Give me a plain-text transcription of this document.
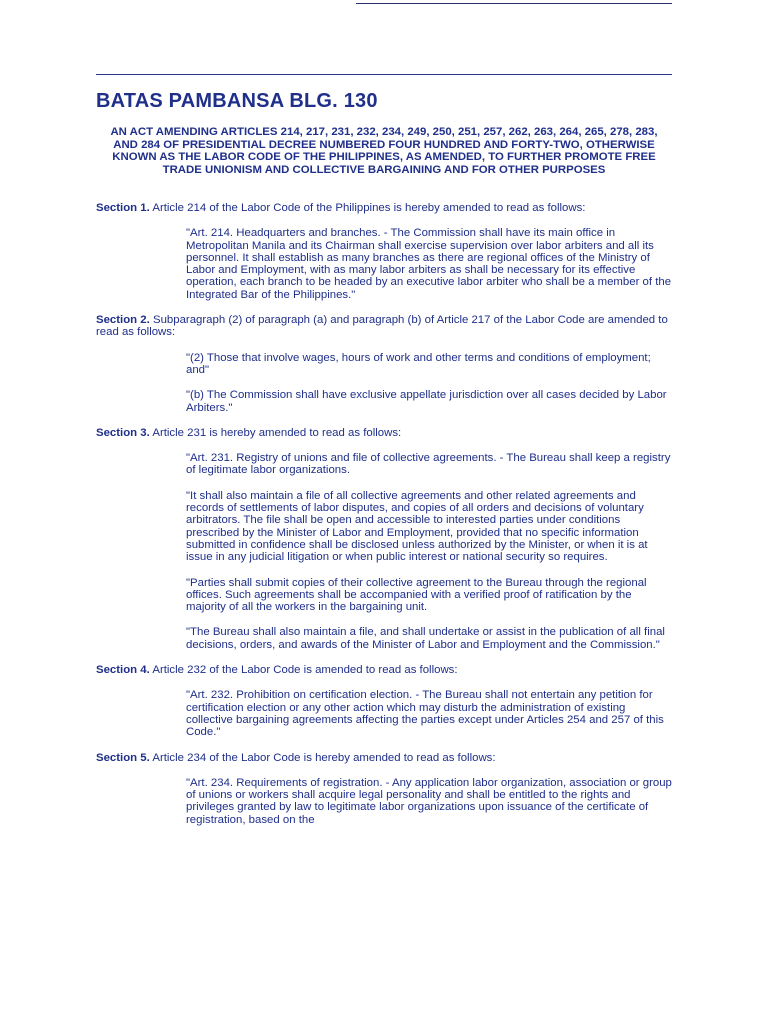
BATAS PAMBANSA BLG. 130

AN ACT AMENDING ARTICLES 214, 217, 231, 232, 234, 249, 250, 251, 257, 262, 263, 264, 265, 278, 283, AND 284 OF PRESIDENTIAL DECREE NUMBERED FOUR HUNDRED AND FORTY-TWO, OTHERWISE KNOWN AS THE LABOR CODE OF THE PHILIPPINES, AS AMENDED, TO FURTHER PROMOTE FREE TRADE UNIONISM AND COLLECTIVE BARGAINING AND FOR OTHER PURPOSES

Section 1. Article 214 of the Labor Code of the Philippines is hereby amended to read as follows:

"Art. 214. Headquarters and branches. - The Commission shall have its main office in Metropolitan Manila and its Chairman shall exercise supervision over labor arbiters and all its personnel. It shall establish as many branches as there are regional offices of the Ministry of Labor and Employment, with as many labor arbiters as shall be necessary for its effective operation, each branch to be headed by an executive labor arbiter who shall be a member of the Integrated Bar of the Philippines."

Section 2. Subparagraph (2) of paragraph (a) and paragraph (b) of Article 217 of the Labor Code are amended to read as follows:

"(2) Those that involve wages, hours of work and other terms and conditions of employment; and"

"(b) The Commission shall have exclusive appellate jurisdiction over all cases decided by Labor Arbiters."

Section 3. Article 231 is hereby amended to read as follows:

"Art. 231. Registry of unions and file of collective agreements. - The Bureau shall keep a registry of legitimate labor organizations.

"It shall also maintain a file of all collective agreements and other related agreements and records of settlements of labor disputes, and copies of all orders and decisions of voluntary arbitrators. The file shall be open and accessible to interested parties under conditions prescribed by the Minister of Labor and Employment, provided that no specific information submitted in confidence shall be disclosed unless authorized by the Minister, or when it is at issue in any judicial litigation or when public interest or national security so requires.

"Parties shall submit copies of their collective agreement to the Bureau through the regional offices. Such agreements shall be accompanied with a verified proof of ratification by the majority of all the workers in the bargaining unit.

"The Bureau shall also maintain a file, and shall undertake or assist in the publication of all final decisions, orders, and awards of the Minister of Labor and Employment and the Commission."

Section 4. Article 232 of the Labor Code is amended to read as follows:

"Art. 232. Prohibition on certification election. - The Bureau shall not entertain any petition for certification election or any other action which may disturb the administration of existing collective bargaining agreements affecting the parties except under Articles 254 and 257 of this Code."

Section 5. Article 234 of the Labor Code is hereby amended to read as follows:

"Art. 234. Requirements of registration. - Any application labor organization, association or group of unions or workers shall acquire legal personality and shall be entitled to the rights and privileges granted by law to legitimate labor organizations upon issuance of the certificate of registration, based on the
